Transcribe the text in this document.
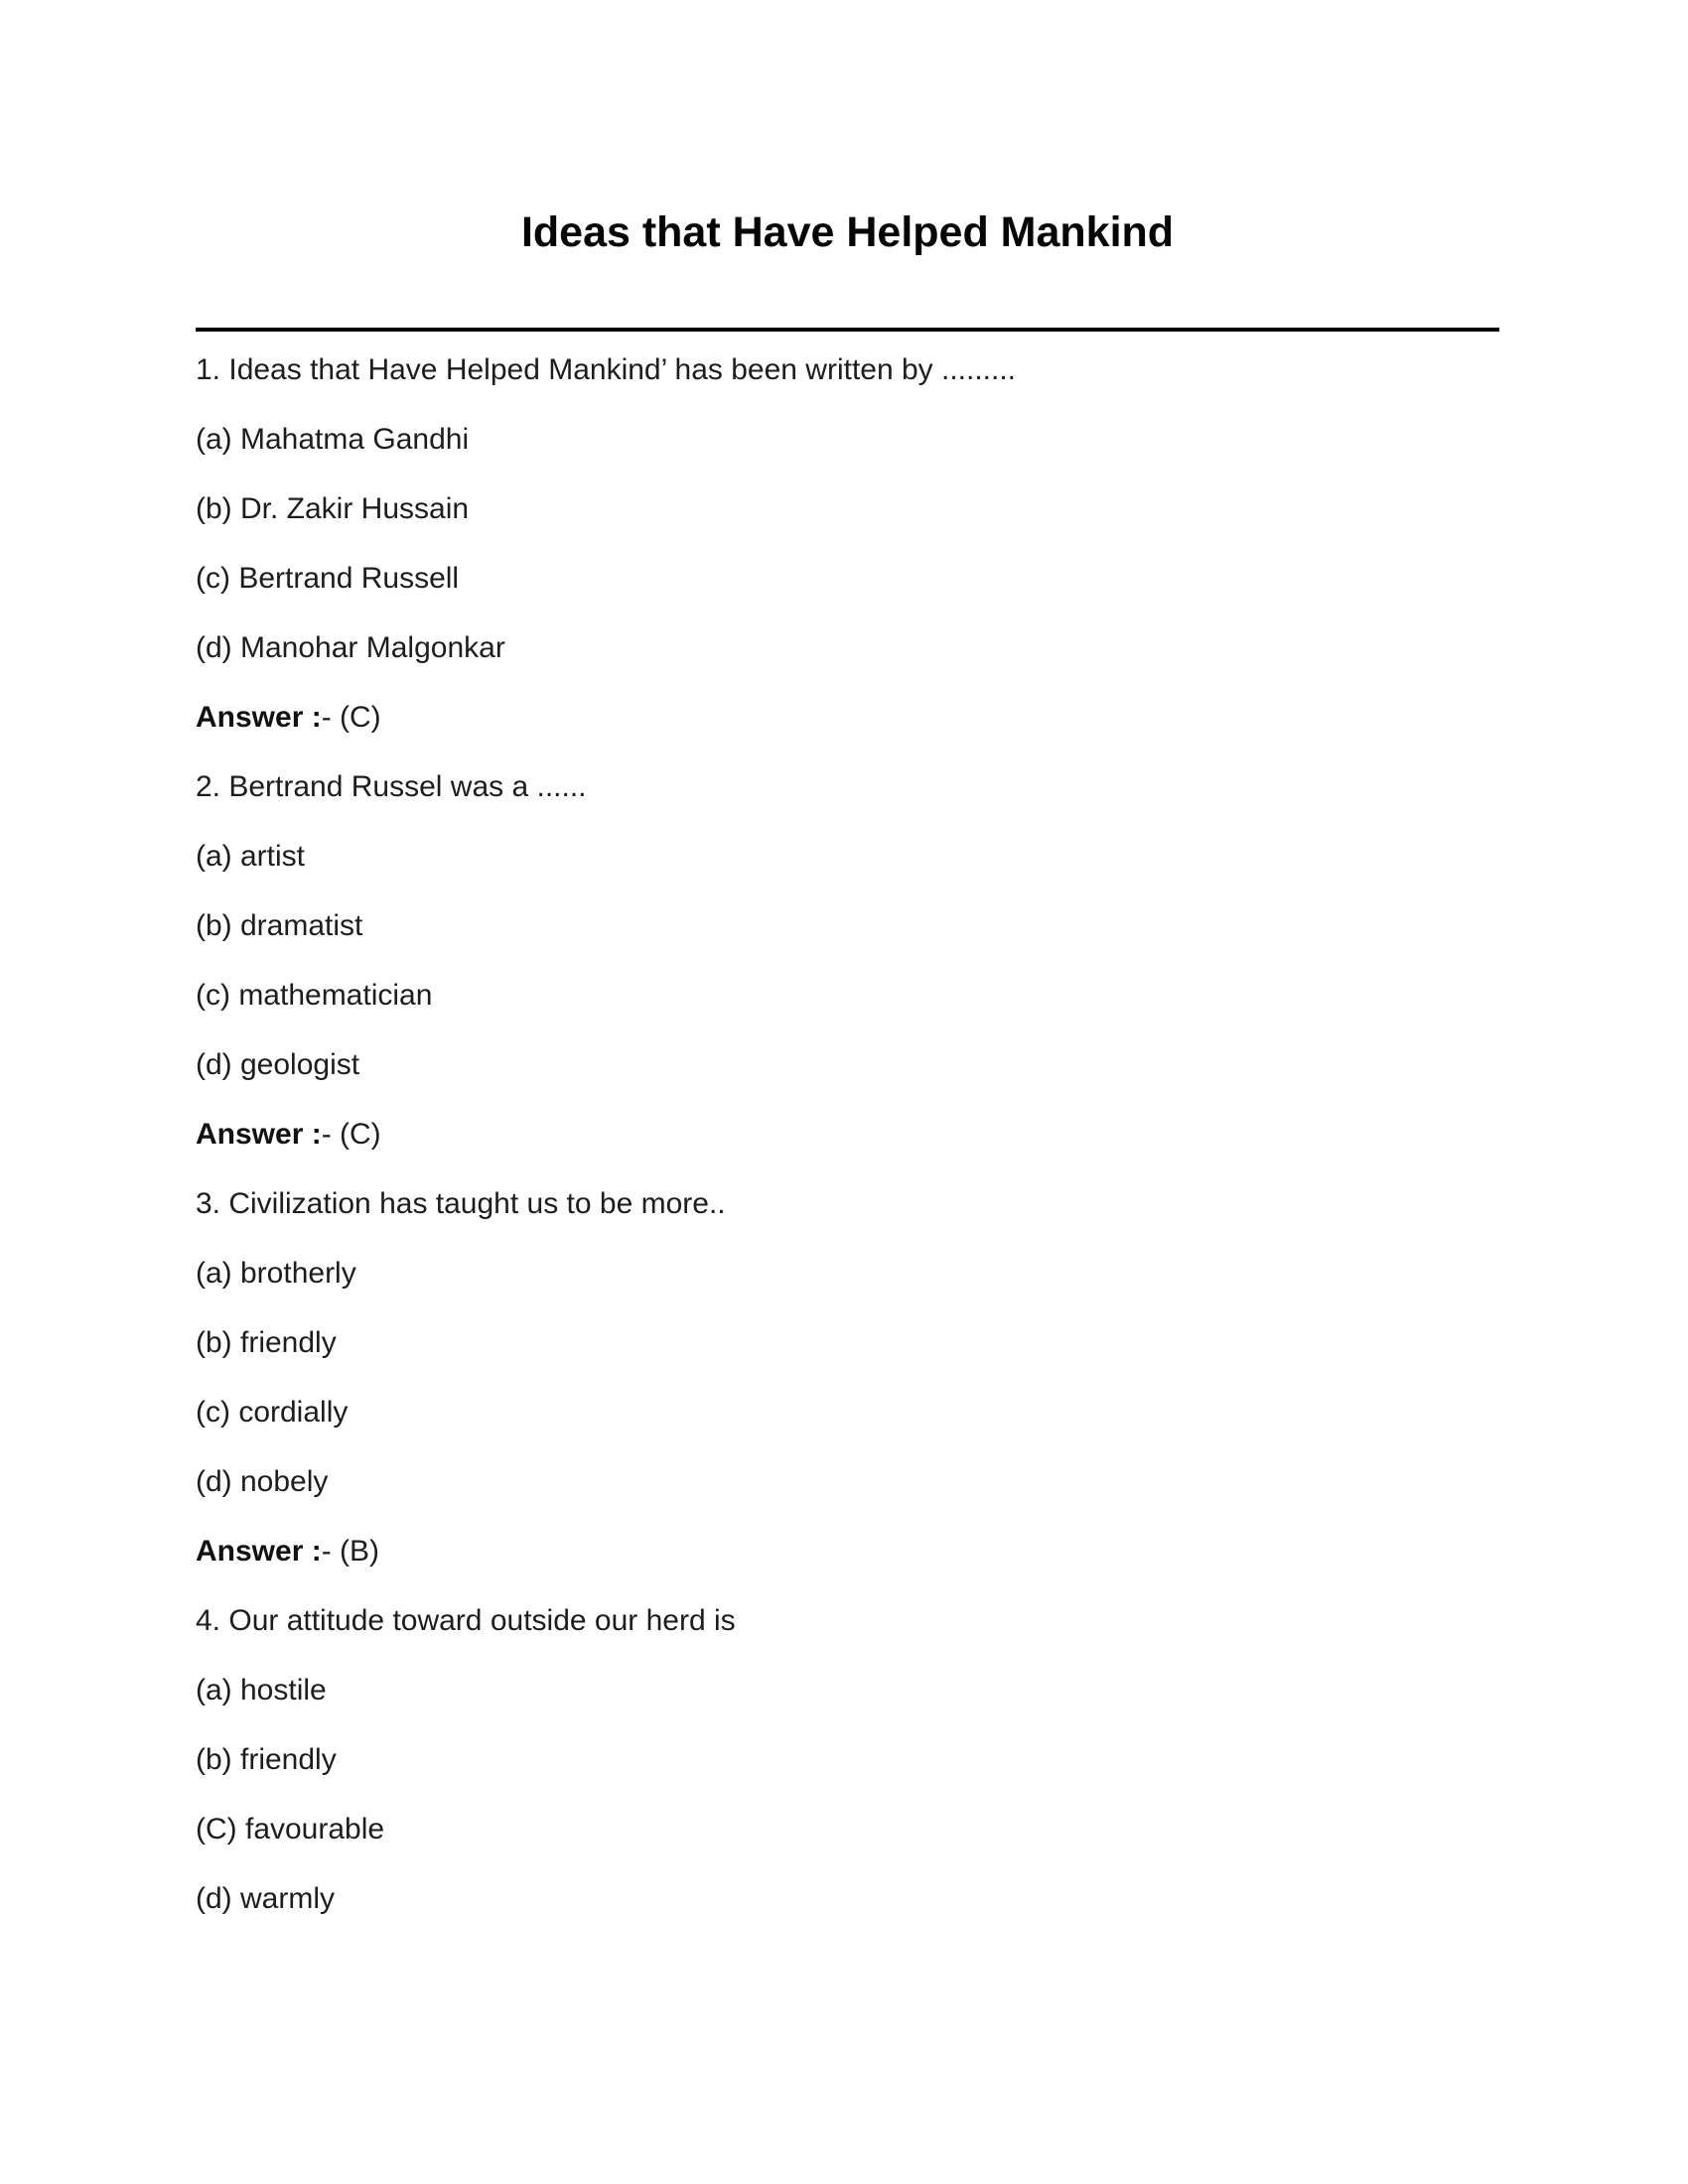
Ideas that Have Helped Mankind

1. Ideas that Have Helped Mankind’ has been written by .........

(a) Mahatma Gandhi

(b) Dr. Zakir Hussain

(c) Bertrand Russell

(d) Manohar Malgonkar

Answer :- (C)

2. Bertrand Russel was a ......

(a) artist

(b) dramatist

(c) mathematician

(d) geologist

Answer :- (C)

3. Civilization has taught us to be more..

(a) brotherly

(b) friendly

(c) cordially

(d) nobely

Answer :- (B)

4. Our attitude toward outside our herd is

(a) hostile

(b) friendly

(C) favourable

(d) warmly
